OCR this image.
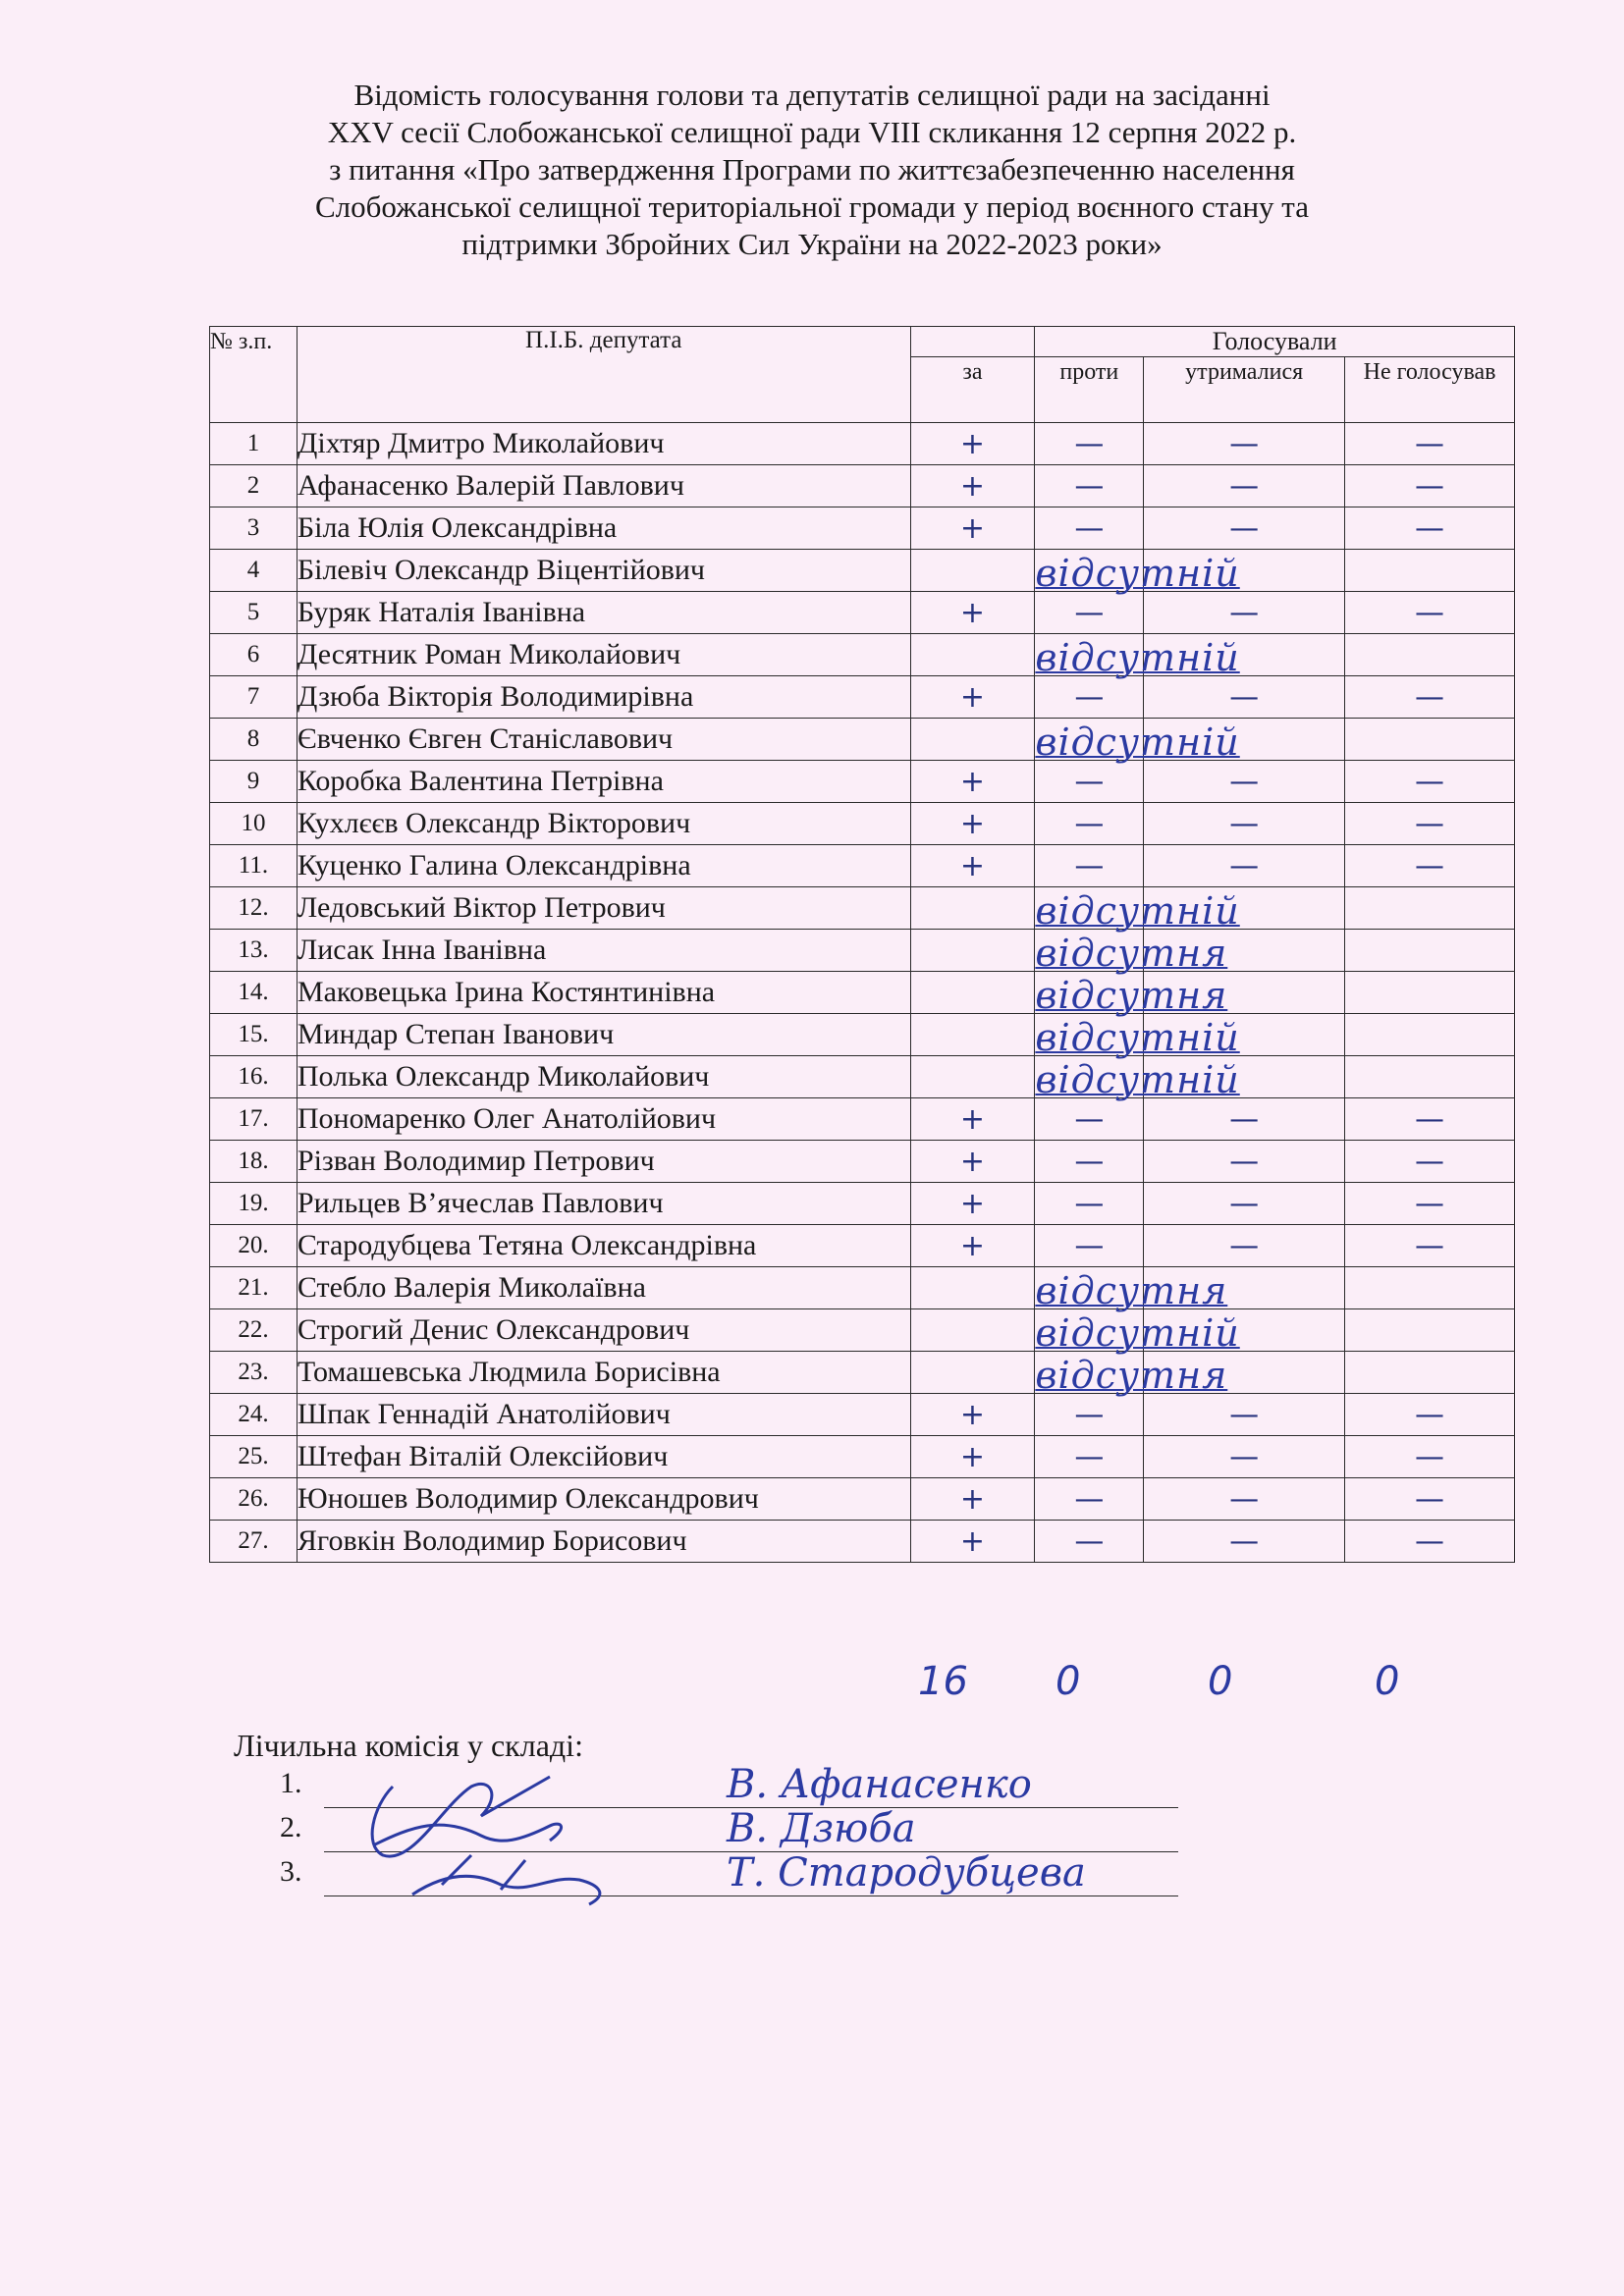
Відомість голосування голови та депутатів селищної ради на засіданні
XXV сесії Слобожанської селищної ради VIII скликання 12 серпня 2022 р.
з питання «Про затвердження Програми по життєзабезпеченню населення
Слобожанської селищної територіальної громади у період воєнного стану та
підтримки Збройних Сил України на 2022-2023 роки»
№ з.п.	П.І.Б. депутата		Голосували		
		за	проти	утрималися	Не голосував
1	Діхтяр Дмитро Миколайович	+	—	—	—
2	Афанасенко Валерій Павлович	+	—	—	—
3	Біла Юлія Олександрівна	+	—	—	—
4	Білевіч Олександр Віцентійович		відсутній		

5	Буряк Наталія Іванівна	+	—	—	—
6	Десятник Роман Миколайович		відсутній		

7	Дзюба Вікторія Володимирівна	+	—	—	—
8	Євченко Євген Станіславович		відсутній		

9	Коробка Валентина Петрівна	+	—	—	—
10	Кухлєєв Олександр Вікторович	+	—	—	—
11.	Куценко Галина Олександрівна	+	—	—	—
12.	Ледовський Віктор Петрович		відсутній		

13.	Лисак Інна Іванівна		відсутня		

14.	Маковецька Ірина Костянтинівна		відсутня		

15.	Миндар Степан Іванович		відсутній		

16.	Полька Олександр Миколайович		відсутній		

17.	Пономаренко Олег Анатолійович	+	—	—	—
18.	Різван Володимир Петрович	+	—	—	—
19.	Рильцев В’ячеслав Павлович	+	—	—	—
20.	Стародубцева Тетяна Олександрівна	+	—	—	—
21.	Стебло Валерія Миколаївна		відсутня		

22.	Строгий Денис Олександрович		відсутній		

23.	Томашевська Людмила Борисівна		відсутня		

24.	Шпак Геннадій Анатолійович	+	—	—	—
25.	Штефан Віталій Олексійович	+	—	—	—
26.	Юношев Володимир Олександрович	+	—	—	—
27.	Яговкін Володимир Борисович	+	—	—	—
16 0	0	0
Лічильна комісія у складі:
1.	В. Афанасенко
2.	В. Дзюба
3.	Т. Стародубцева
